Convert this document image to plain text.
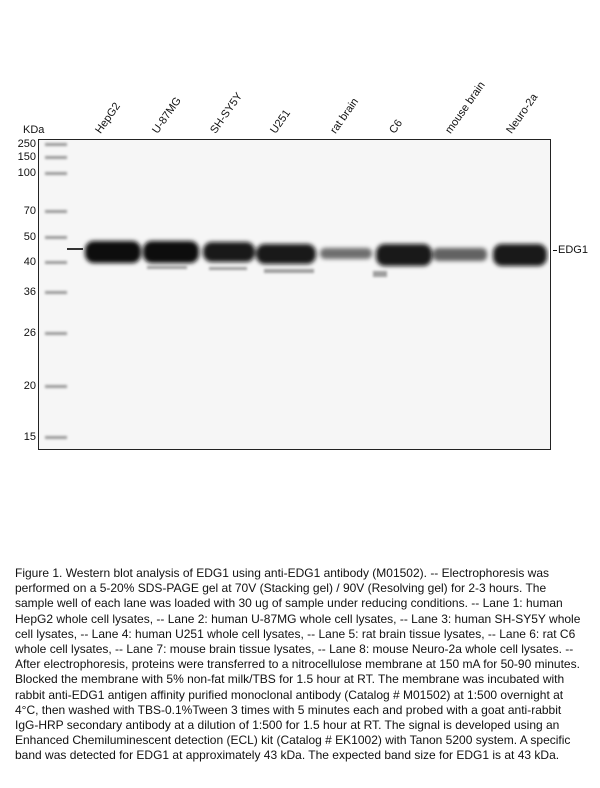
HepG2 U-87MG SH-SY5Y U251	rat brain C6	mouse brain Neuro-2a
KDa
250
150
100
70
50
40
36
26
20
15
EDG1

Figure 1. Western blot analysis of EDG1 using anti-EDG1 antibody (M01502). -- Electrophoresis was performed on a 5-20% SDS-PAGE gel at 70V (Stacking gel) / 90V (Resolving gel) for 2-3 hours. The sample well of each lane was loaded with 30 ug of sample under reducing conditions. -- Lane 1: human HepG2 whole cell lysates, -- Lane 2: human U-87MG whole cell lysates, -- Lane 3: human SH-SY5Y whole cell lysates, -- Lane 4: human U251 whole cell lysates, -- Lane 5: rat brain tissue lysates, -- Lane 6: rat C6 whole cell lysates, -- Lane 7: mouse brain tissue lysates, -- Lane 8: mouse Neuro-2a whole cell lysates. -- After electrophoresis, proteins were transferred to a nitrocellulose membrane at 150 mA for 50-90 minutes. Blocked the membrane with 5% non-fat milk/TBS for 1.5 hour at RT. The membrane was incubated with rabbit anti-EDG1 antigen affinity purified monoclonal antibody (Catalog # M01502) at 1:500 overnight at 4°C, then washed with TBS-0.1%Tween 3 times with 5 minutes each and probed with a goat anti-rabbit IgG-HRP secondary antibody at a dilution of 1:500 for 1.5 hour at RT. The signal is developed using an Enhanced Chemiluminescent detection (ECL) kit (Catalog # EK1002) with Tanon 5200 system. A specific band was detected for EDG1 at approximately 43 kDa. The expected band size for EDG1 is at 43 kDa.
